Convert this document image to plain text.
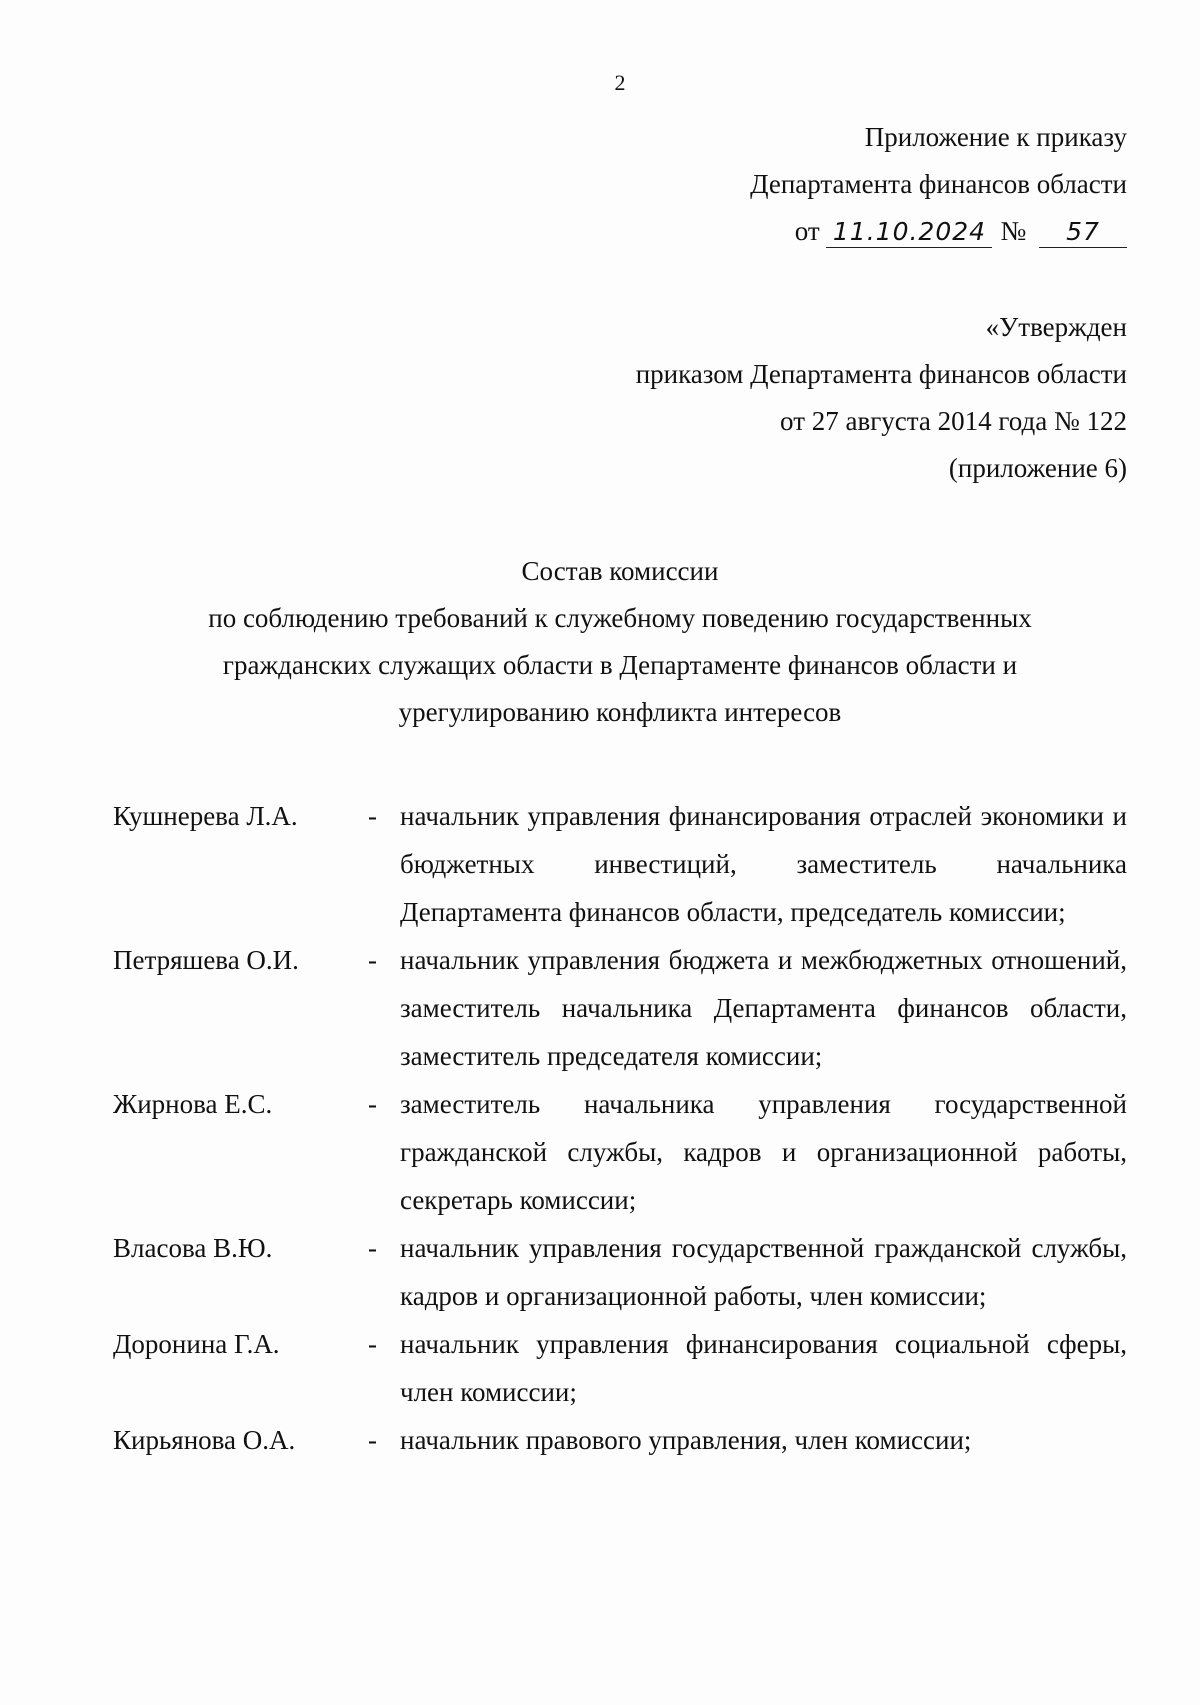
2
Приложение к приказу
Департамента финансов области
от 11.10.2024 № 57
«Утвержден
приказом Департамента финансов области
от 27 августа 2014 года № 122
(приложение 6)
Состав комиссии
по соблюдению требований к служебному поведению государственных
гражданских служащих области в Департаменте финансов области и
урегулированию конфликта интересов
Кушнерева Л.А.	- начальник управления финансирования отраслей экономики и бюджетных инвестиций, заместитель начальника Департамента финансов области, председатель комиссии;
Петряшева О.И.	- начальник управления бюджета и межбюджетных отношений, заместитель начальника Департамента финансов области, заместитель председателя комиссии;
Жирнова Е.С.	- заместитель начальника управления государственной гражданской службы, кадров и организационной работы, секретарь комиссии;
Власова В.Ю.	- начальник управления государственной гражданской службы, кадров и организационной работы, член комиссии;
Доронина Г.А.	- начальник управления финансирования социальной сферы, член комиссии;
Кирьянова О.А.	- начальник правового управления, член комиссии;
